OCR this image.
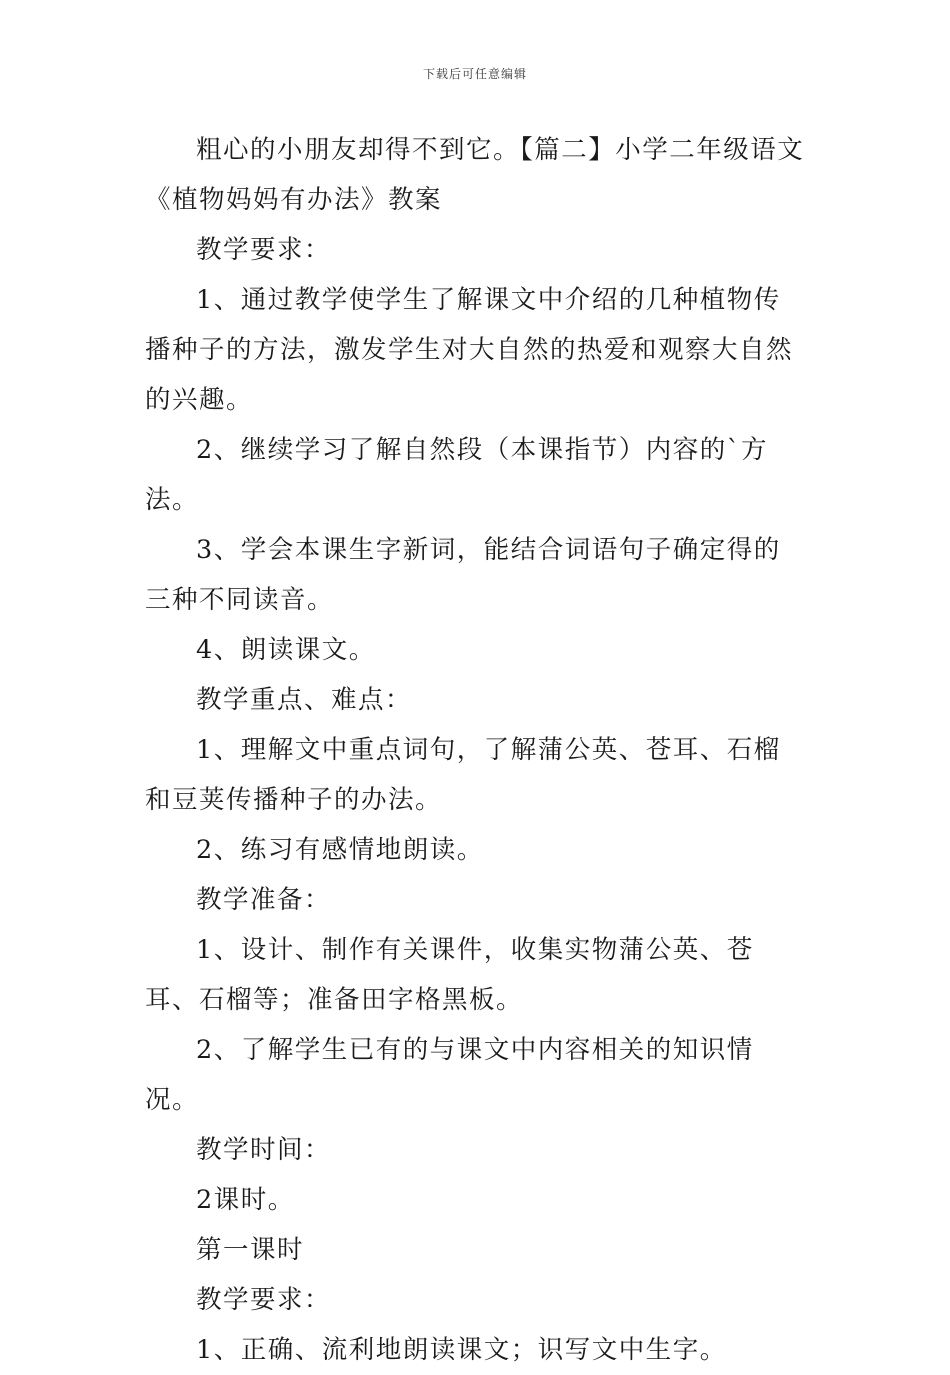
下载后可任意编辑

粗心的小朋友却得不到它。【篇二】小学二年级语文《植物妈妈有办法》教案

教学要求：

1、通过教学使学生了解课文中介绍的几种植物传播种子的方法，激发学生对大自然的热爱和观察大自然的兴趣。

2、继续学习了解自然段（本课指节）内容的`方法。

3、学会本课生字新词，能结合词语句子确定得的三种不同读音。

4、朗读课文。

教学重点、难点：

1、理解文中重点词句，了解蒲公英、苍耳、石榴和豆荚传播种子的办法。

2、练习有感情地朗读。

教学准备：

1、设计、制作有关课件，收集实物蒲公英、苍耳、石榴等；准备田字格黑板。

2、了解学生已有的与课文中内容相关的知识情况。

教学时间：

2课时。

第一课时

教学要求：

1、正确、流利地朗读课文；识写文中生字。
